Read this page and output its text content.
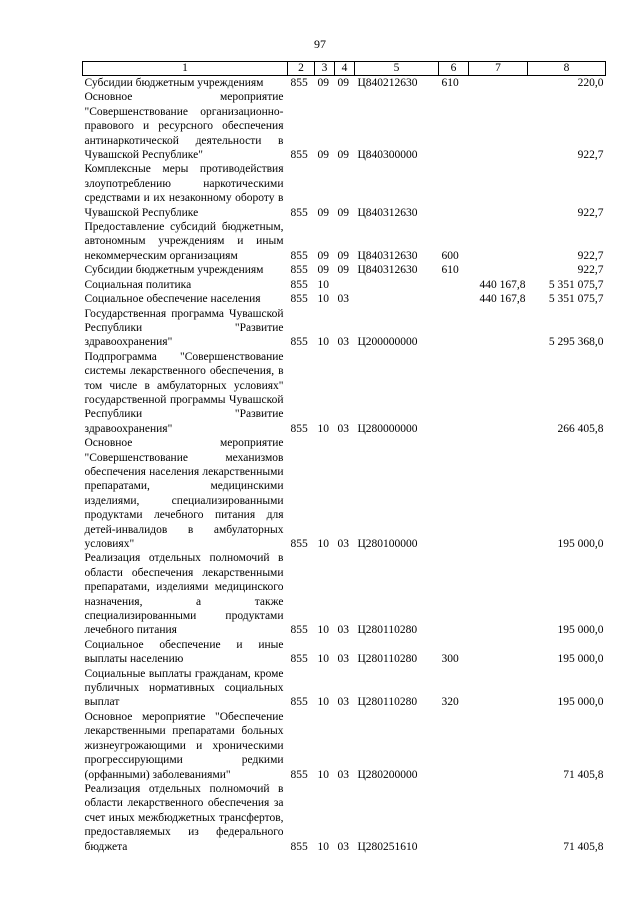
97
1	2	3	4	5	6	7	8
Субсидии бюджетным учреждениям	855	09	09	Ц840212630	610		220,0
Основное мероприятие "Совершенствование организационно-правового и ресурсного обеспечения антинаркотической деятельности в Чувашской Республике"	855	09	09	Ц840300000			922,7
Комплексные меры противодействия злоупотреблению наркотическими средствами и их незаконному обороту в Чувашской Республике	855	09	09	Ц840312630			922,7
Предоставление субсидий бюджетным, автономным учреждениям и иным некоммерческим организациям	855	09	09	Ц840312630	600		922,7
Субсидии бюджетным учреждениям	855	09	09	Ц840312630	610		922,7
Социальная политика	855	10				440 167,8	5 351 075,7
Социальное обеспечение населения	855	10	03			440 167,8	5 351 075,7
Государственная программа Чувашской Республики "Развитие здравоохранения"	855	10	03	Ц200000000			5 295 368,0
Подпрограмма "Совершенствование системы лекарственного обеспечения, в том числе в амбулаторных условиях" государственной программы Чувашской Республики "Развитие здравоохранения"	855	10	03	Ц280000000			266 405,8
Основное мероприятие "Совершенствование механизмов обеспечения населения лекарственными препаратами, медицинскими изделиями, специализированными продуктами лечебного питания для детей-инвалидов в амбулаторных условиях"	855	10	03	Ц280100000			195 000,0
Реализация отдельных полномочий в области обеспечения лекарственными препаратами, изделиями медицинского назначения, а также специализированными продуктами лечебного питания	855	10	03	Ц280110280			195 000,0
Социальное обеспечение и иные выплаты населению	855	10	03	Ц280110280	300		195 000,0
Социальные выплаты гражданам, кроме публичных нормативных социальных выплат	855	10	03	Ц280110280	320		195 000,0
Основное мероприятие "Обеспечение лекарственными препаратами больных жизнеугрожающими и хроническими прогрессирующими редкими (орфанными) заболеваниями"	855	10	03	Ц280200000			71 405,8
Реализация отдельных полномочий в области лекарственного обеспечения за счет иных межбюджетных трансфертов, предоставляемых из федерального бюджета	855	10	03	Ц280251610			71 405,8
